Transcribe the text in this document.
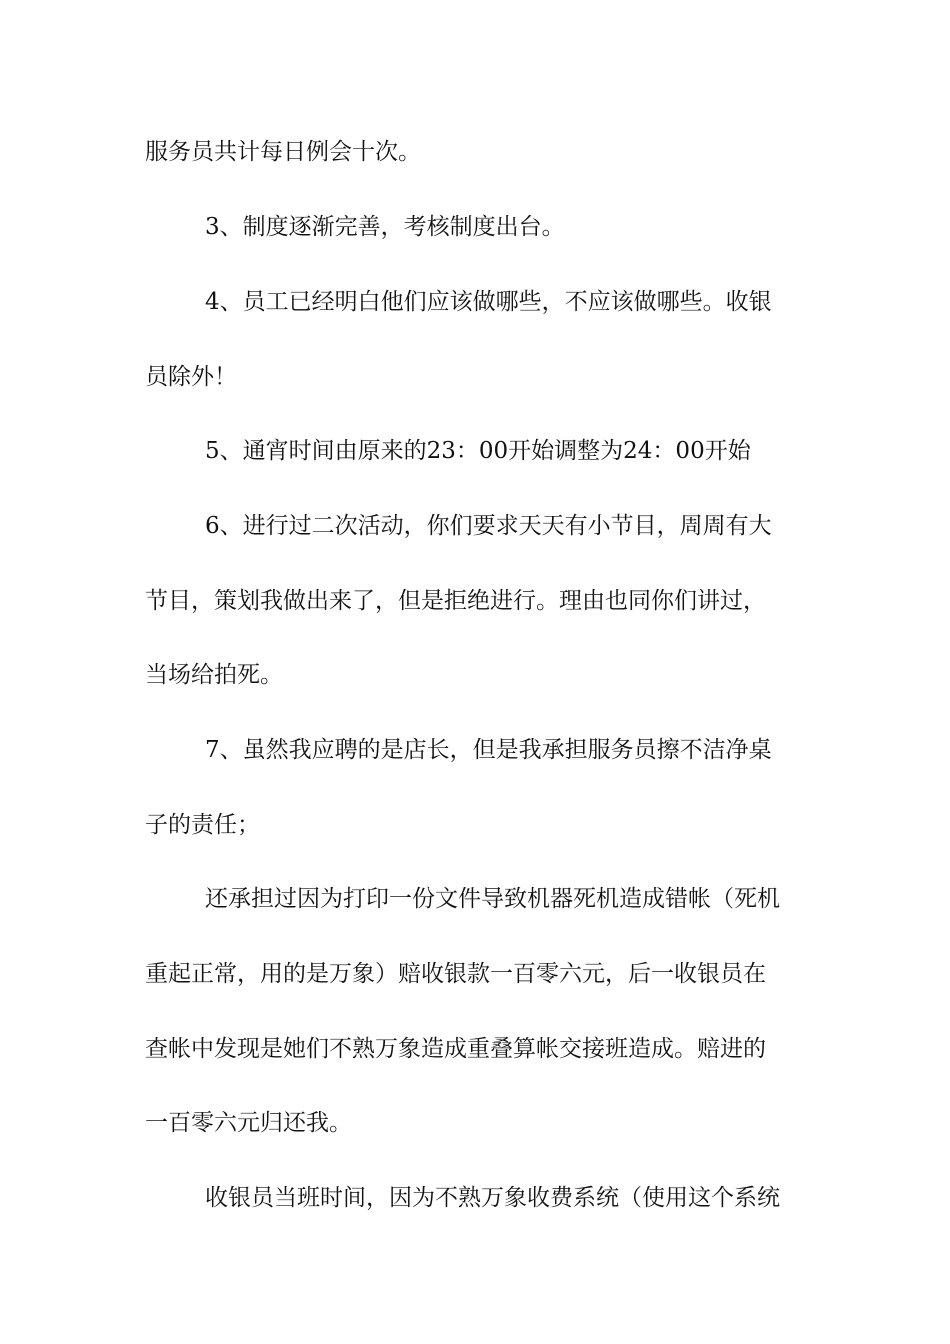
服务员共计每日例会十次。

3、制度逐渐完善，考核制度出台。

4、员工已经明白他们应该做哪些，不应该做哪些。收银

员除外！

5、通宵时间由原来的23：00开始调整为24：00开始

6、进行过二次活动，你们要求天天有小节目，周周有大

节目，策划我做出来了，但是拒绝进行。理由也同你们讲过，

当场给拍死。

7、虽然我应聘的是店长，但是我承担服务员擦不洁净桌

子的责任；

还承担过因为打印一份文件导致机器死机造成错帐（死机

重起正常，用的是万象）赔收银款一百零六元，后一收银员在

查帐中发现是她们不熟万象造成重叠算帐交接班造成。赔进的

一百零六元归还我。

收银员当班时间，因为不熟万象收费系统（使用这个系统
